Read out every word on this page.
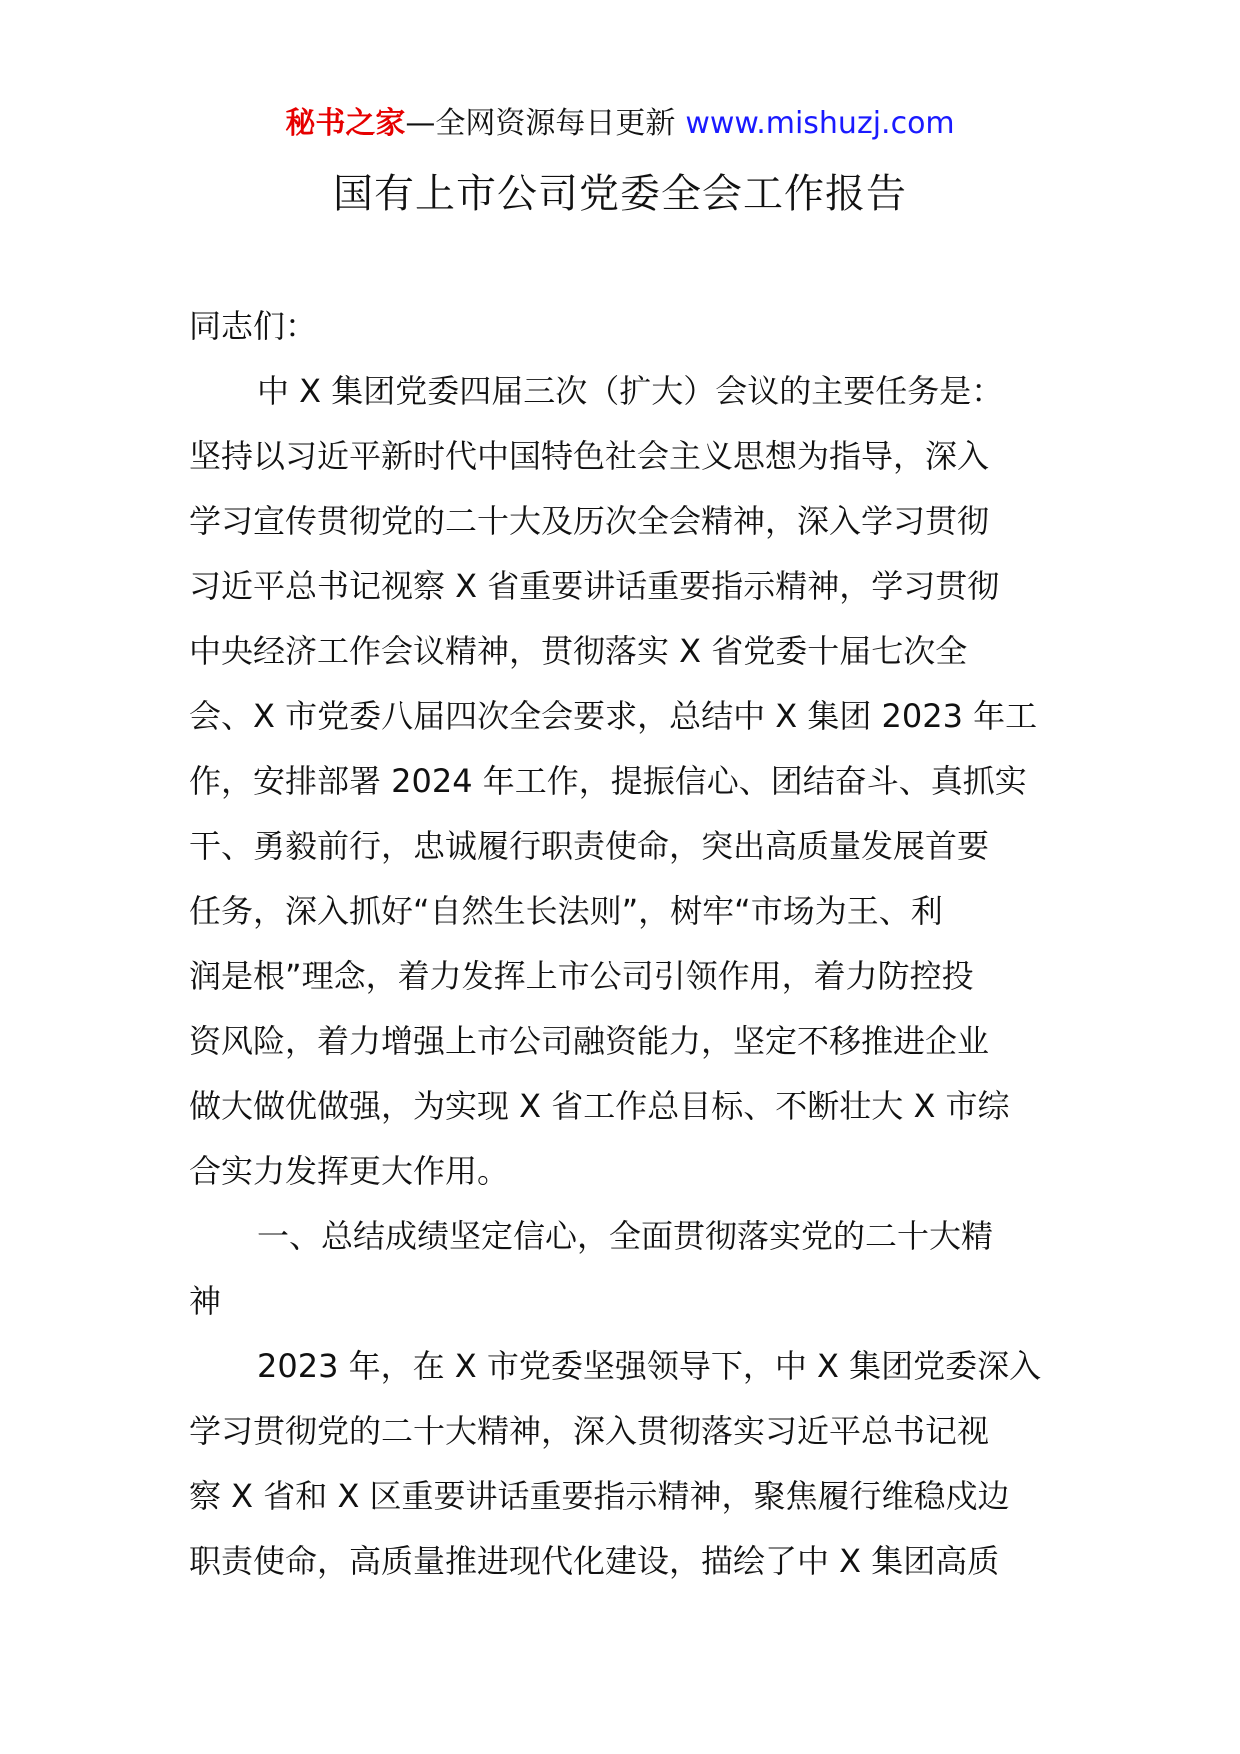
秘书之家—全网资源每日更新 www.mishuzj.com
国有上市公司党委全会工作报告
同志们：
中 X 集团党委四届三次（扩大）会议的主要任务是：
坚持以习近平新时代中国特色社会主义思想为指导，深入
学习宣传贯彻党的二十大及历次全会精神，深入学习贯彻
习近平总书记视察 X 省重要讲话重要指示精神，学习贯彻
中央经济工作会议精神，贯彻落实 X 省党委十届七次全
会、X 市党委八届四次全会要求，总结中 X 集团 2023 年工
作，安排部署 2024 年工作，提振信心、团结奋斗、真抓实
干、勇毅前行，忠诚履行职责使命，突出高质量发展首要
任务，深入抓好“自然生长法则”，树牢“市场为王、利
润是根”理念，着力发挥上市公司引领作用，着力防控投
资风险，着力增强上市公司融资能力，坚定不移推进企业
做大做优做强，为实现 X 省工作总目标、不断壮大 X 市综
合实力发挥更大作用。
一、总结成绩坚定信心，全面贯彻落实党的二十大精
神
2023 年，在 X 市党委坚强领导下，中 X 集团党委深入
学习贯彻党的二十大精神，深入贯彻落实习近平总书记视
察 X 省和 X 区重要讲话重要指示精神，聚焦履行维稳戍边
职责使命，高质量推进现代化建设，描绘了中 X 集团高质
